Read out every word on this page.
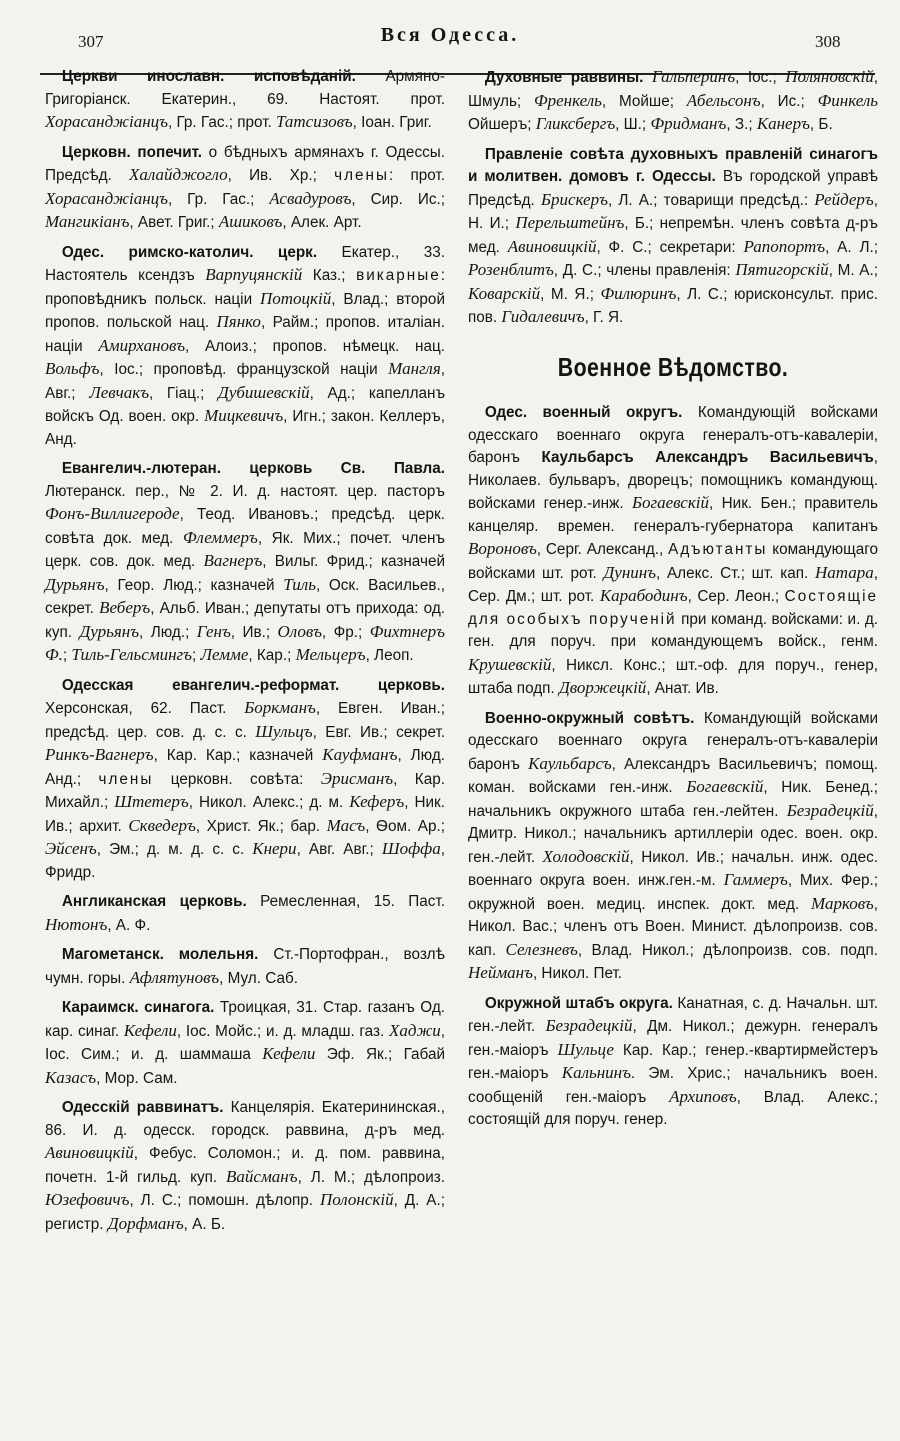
307	Вся Одесса.	308

Церкви инославн. исповѣданій. Армяно-Григоріанск. Екатерин., 69. Настоят. прот. Хорасанджіанцъ, Гр. Гас.; прот. Татсизовъ, Іоан. Григ.

Церковн. попечит. о бѣдныхъ армянахъ г. Одессы. Предсѣд. Халайджогло, Ив. Хр.; члены: прот. Хорасанджіанцъ, Гр. Гас.; Асвадуровъ, Сир. Ис.; Мангикіанъ, Авет. Григ.; Ашиковъ, Алек. Арт.

Одес. римско-католич. церк. Екатер., 33. Настоятель ксендзъ Варпуцянскій Каз.; викарные: проповѣдникъ польск. націи Потоцкій, Влад.; второй пропов. польской нац. Пянко, Райм.; пропов. италіан. націи Амирхановъ, Алоиз.; пропов. нѣмецк. нац. Вольфъ, Іос.; проповѣд. французской націи Мангля, Авг.; Левчакъ, Гіац.; Дубишевскій, Ад.; капелланъ войскъ Од. воен. окр. Мицкевичъ, Игн.; закон. Келлеръ, Анд.

Евангелич.-лютеран. церковь Св. Павла. Лютеранск. пер., № 2. И. д. настоят. цер. пасторъ Фонъ-Виллигероде, Теод. Ивановъ.; предсѣд. церк. совѣта док. мед. Флеммеръ, Як. Мих.; почет. членъ церк. сов. док. мед. Вагнеръ, Вильг. Фрид.; казначей Дурьянъ, Геор. Люд.; казначей Тиль, Оск. Васильев., секрет. Веберъ, Альб. Иван.; депутаты отъ прихода: од. куп. Дурьянъ, Люд.; Генъ, Ив.; Оловъ, Фр.; Фихтнеръ Ф.; Тиль-Гельсмингъ; Лемме, Кар.; Мельцеръ, Леоп.

Одесская евангелич.-реформат. церковь. Херсонская, 62. Паст. Боркманъ, Евген. Иван.; предсѣд. цер. сов. д. с. с. Шульцъ, Евг. Ив.; секрет. Ринкъ-Вагнеръ, Кар. Кар.; казначей Кауфманъ, Люд. Анд.; члены церковн. совѣта: Эрисманъ, Кар. Михайл.; Штетеръ, Никол. Алекс.; д. м. Кеферъ, Ник. Ив.; архит. Скведеръ, Христ. Як.; бар. Масъ, Ѳом. Ар.; Эйсенъ, Эм.; д. м. д. с. с. Кнери, Авг. Авг.; Шоффа, Фридр.

Англиканская церковь. Ремесленная, 15. Паст. Нютонъ, А. Ф.

Магометанск. молельня. Ст.-Портофран., возлѣ чумн. горы. Афлятуновъ, Мул. Саб.

Караимск. синагога. Троицкая, 31. Стар. газанъ Од. кар. синаг. Кефели, Іос. Мойс.; и. д. младш. газ. Хаджи, Іос. Сим.; и. д. шаммаша Кефели Эф. Як.; Габай Казасъ, Мор. Сам.

Одесскій раввинатъ. Канцелярія. Екатерининская., 86. И. д. одесск. городск. раввина, д-ръ мед. Авиновицкій, Фебус. Соломон.; и. д. пом. раввина, почетн. 1-й гильд. куп. Вайсманъ, Л. М.; дѣлопроиз. Юзефовичъ, Л. С.; помошн. дѣлопр. Полонскій, Д. А.; регистр. Дорфманъ, А. Б.

Духовные раввины. Гальперинъ, Іос.; Поляновскій, Шмуль; Френкель, Мойше; Абельсонъ, Ис.; Финкель Ойшеръ; Гликсбергъ, Ш.; Фридманъ, З.; Канеръ, Б.

Правленіе совѣта духовныхъ правленій синагогъ и молитвен. домовъ г. Одессы. Въ городской управѣ Предсѣд. Брискеръ, Л. А.; товарищи предсѣд.: Рейдеръ, Н. И.; Перельштейнъ, Б.; непремѣн. членъ совѣта д-ръ мед. Авиновицкій, Ф. С.; секретари: Рапопортъ, А. Л.; Розенблитъ, Д. С.; члены правленія: Пятигорскій, М. А.; Коварскій, М. Я.; Филюринъ, Л. С.; юрисконсульт. прис. пов. Гидалевичъ, Г. Я.

Военное Вѣдомство.

Одес. военный округъ. Командующій войсками одесскаго военнаго округа генералъ-отъ-кавалеріи, баронъ Каульбарсъ Александръ Васильевичъ, Николаев. бульваръ, дворецъ; помощникъ командующ. войсками генер.-инж. Богаевскій, Ник. Бен.; правитель канцеляр. времен. генералъ-губернатора капитанъ Вороновъ, Серг. Александ., Адъютанты командующаго войсками шт. рот. Дунинъ, Алекс. Ст.; шт. кап. Натара, Сер. Дм.; шт. рот. Карабодинъ, Сер. Леон.; Состоящіе для особыхъ порученій при команд. войсками: и. д. ген. для поруч. при командующемъ войск., генм. Крушевскій, Никсл. Конс.; шт.-оф. для поруч., генер, штаба подп. Дворжецкій, Анат. Ив.

Военно-окружный совѣтъ. Командующій войсками одесскаго военнаго округа генералъ-отъ-кавалеріи баронъ Каульбарсъ, Александръ Васильевичъ; помощ. коман. войсками ген.-инж. Богаевскій, Ник. Бенед.; начальникъ окружного штаба ген.-лейтен. Безрадецкій, Дмитр. Никол.; начальникъ артиллеріи одес. воен. окр. ген.-лейт. Холодовскій, Никол. Ив.; начальн. инж. одес. военнаго округа воен. инж.ген.-м. Гаммеръ, Мих. Фер.; окружной воен. медиц. инспек. докт. мед. Марковъ, Никол. Вас.; членъ отъ Воен. Минист. дѣлопроизв. сов. кап. Селезневъ, Влад. Никол.; дѣлопроизв. сов. подп. Нейманъ, Никол. Пет.

Окружной штабъ округа. Канатная, с. д. Начальн. шт. ген.-лейт. Безрадецкій, Дм. Никол.; дежурн. генералъ ген.-маіоръ Шульце Кар. Кар.; генер.-квартирмейстеръ ген.-маіоръ Кальнинъ. Эм. Хрис.; начальникъ воен. сообщеній ген.-маіоръ Архиповъ, Влад. Алекс.; состоящій для поруч. генер.
